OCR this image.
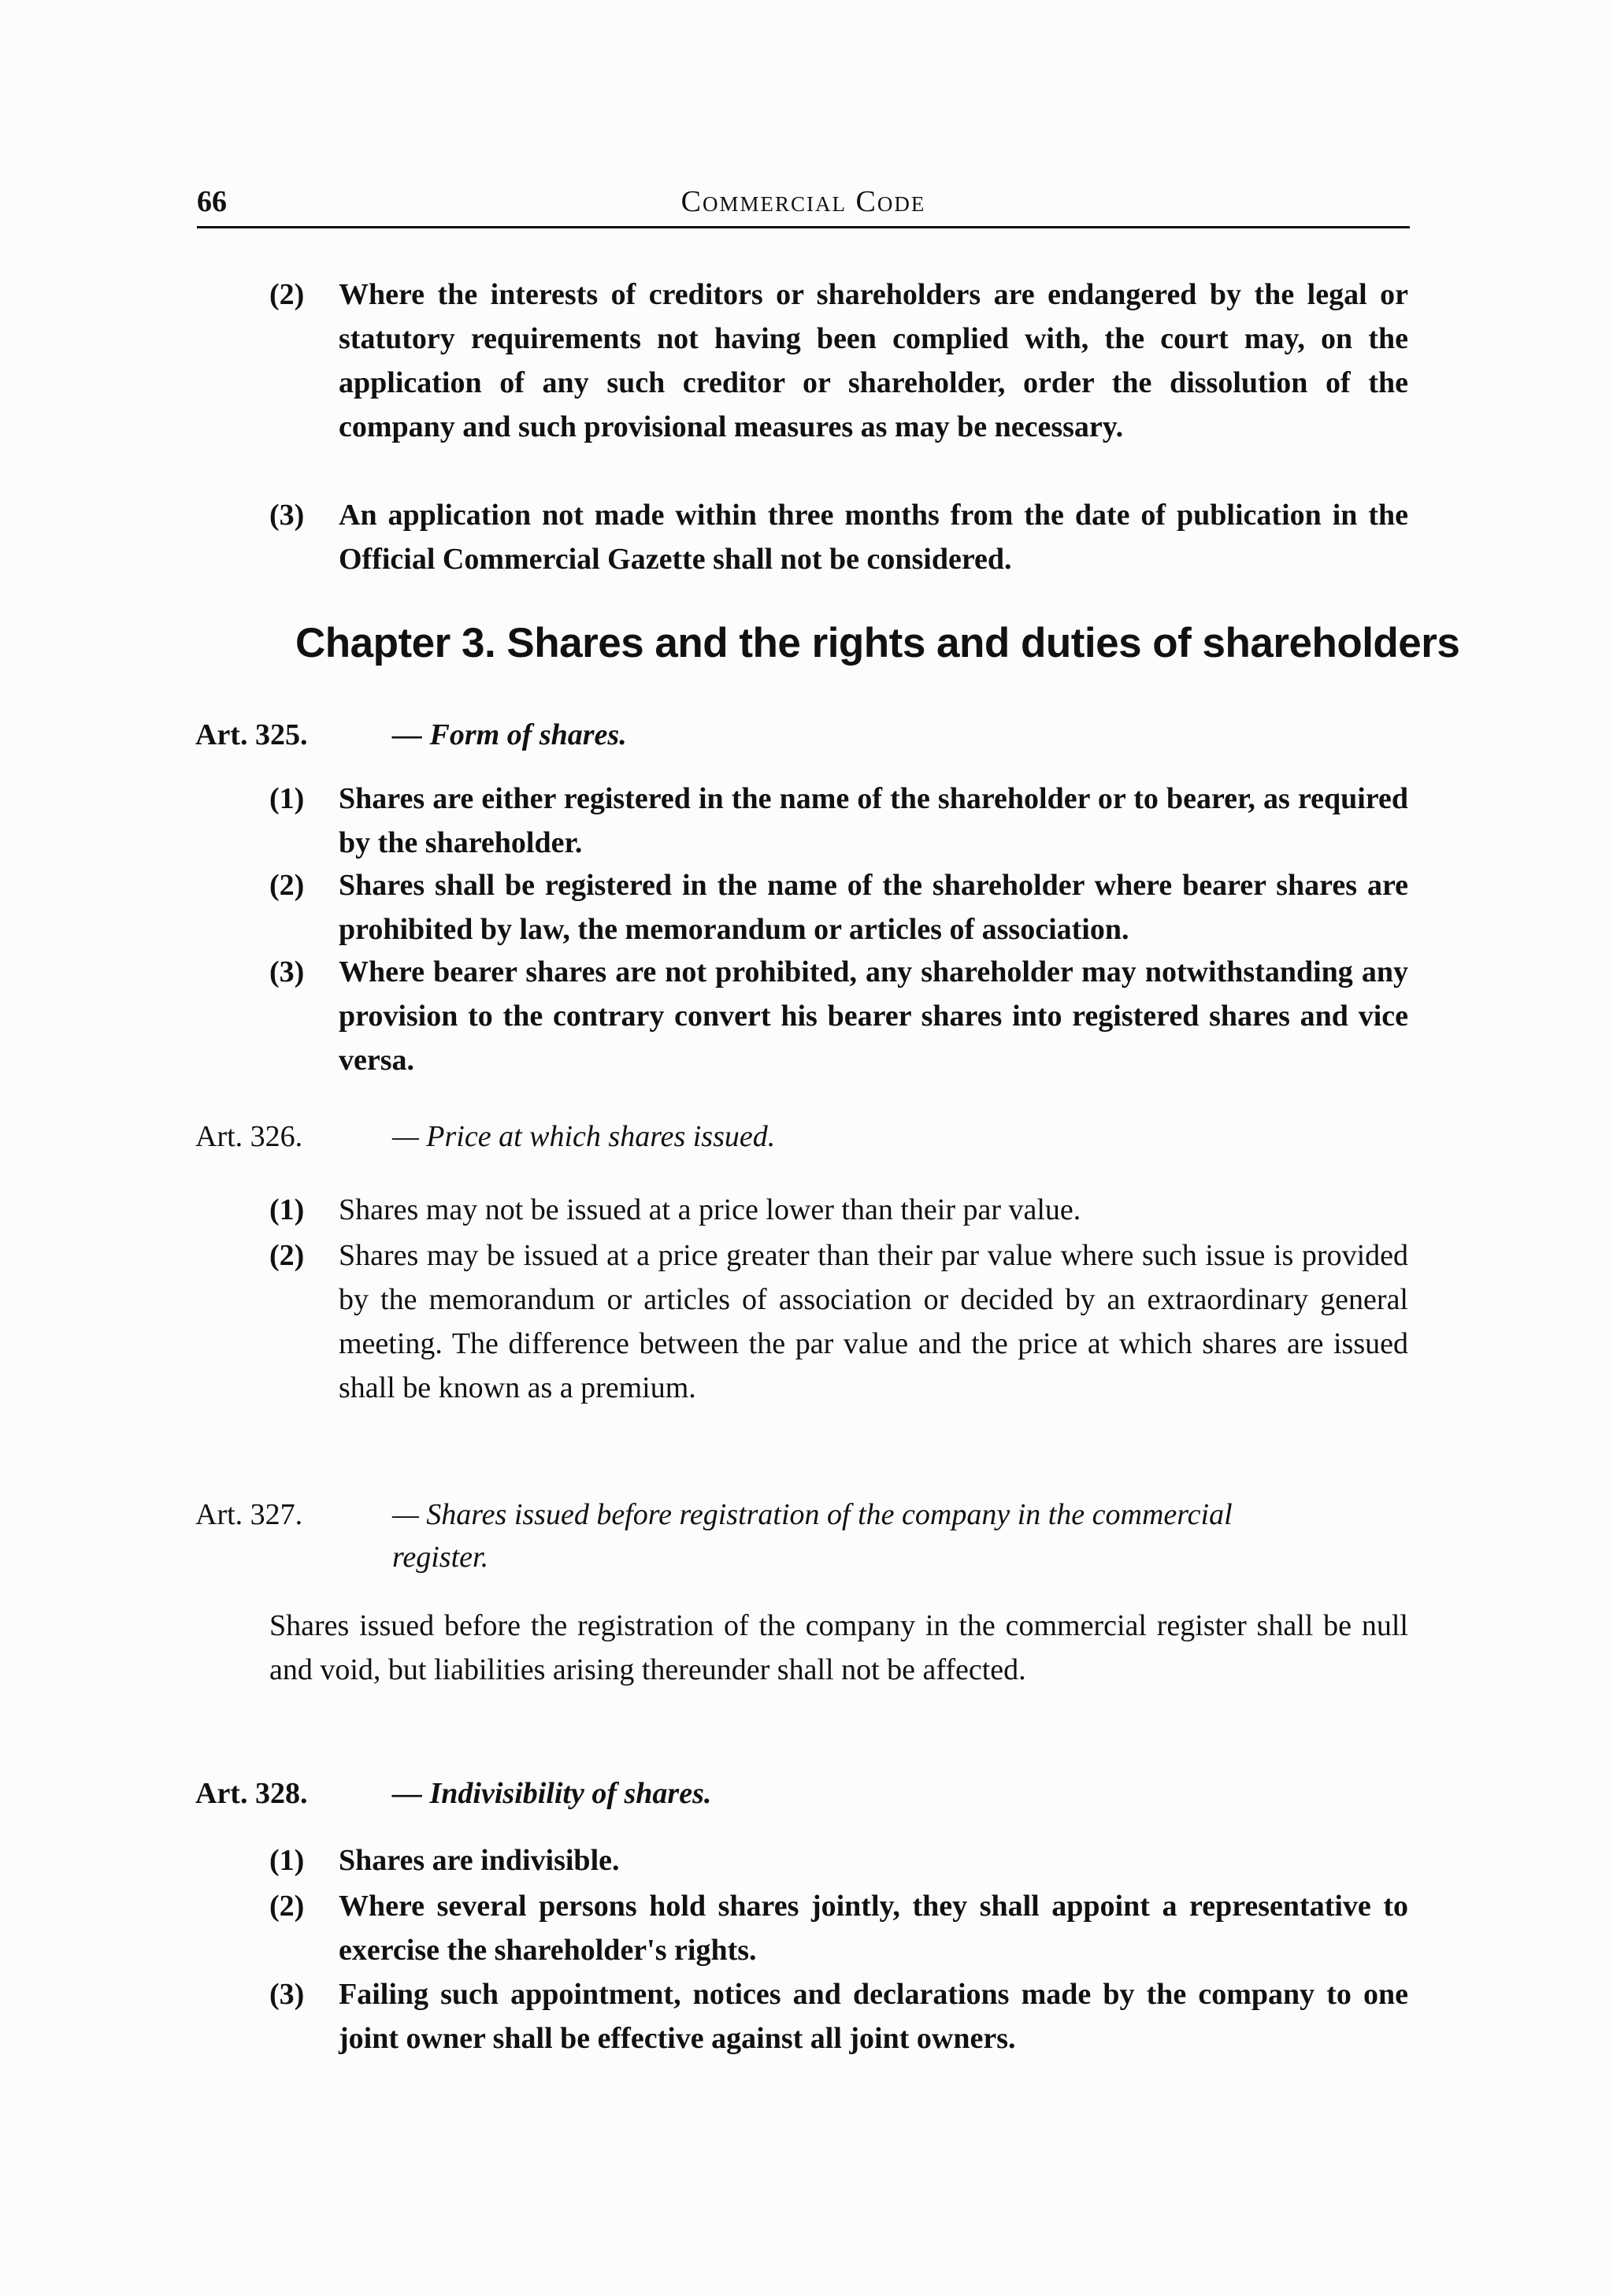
66	Commercial Code
(2)	Where the interests of creditors or shareholders are endangered by the legal or statutory requirements not having been complied with, the court may, on the application of any such creditor or shareholder, order the dissolution of the company and such provisional measures as may be necessary.
(3)	An application not made within three months from the date of publication in the Official Commercial Gazette shall not be considered.
Chapter 3. Shares and the rights and duties of shareholders
Art. 325.	— Form of shares.
(1)	Shares are either registered in the name of the shareholder or to bearer, as required by the shareholder.
(2)	Shares shall be registered in the name of the shareholder where bearer shares are prohibited by law, the memorandum or articles of association.
(3)	Where bearer shares are not prohibited, any shareholder may notwithstanding any provision to the contrary convert his bearer shares into registered shares and vice versa.
Art. 326.	— Price at which shares issued.
(1)	Shares may not be issued at a price lower than their par value.
(2)	Shares may be issued at a price greater than their par value where such issue is provided by the memorandum or articles of association or decided by an extraordinary general meeting. The difference between the par value and the price at which shares are issued shall be known as a premium.
Art. 327.	— Shares issued before registration of the company in the commercial
register.
Shares issued before the registration of the company in the commercial register shall be null and void, but liabilities arising thereunder shall not be affected.
Art. 328.	— Indivisibility of shares.
(1)	Shares are indivisible.
(2)	Where several persons hold shares jointly, they shall appoint a representative to exercise the shareholder's rights.
(3)	Failing such appointment, notices and declarations made by the company to one joint owner shall be effective against all joint owners.
